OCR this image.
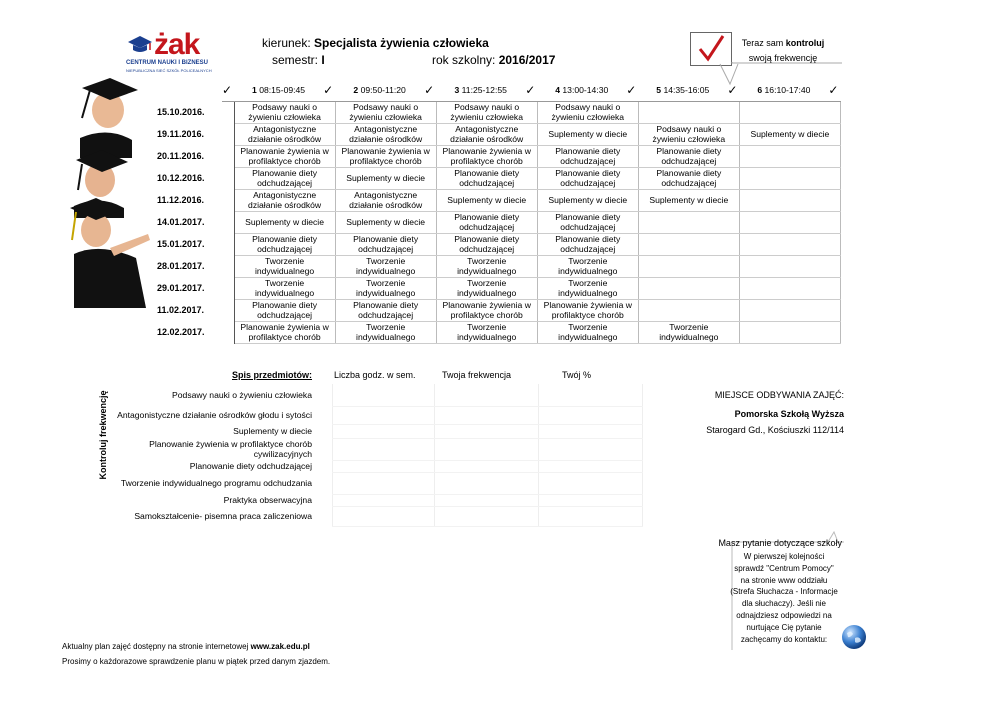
żak
CENTRUM NAUKI I BIZNESU
NIEPUBLICZNA SIEĆ SZKÓŁ POLICEALNYCH
kierunek: Specjalista żywienia człowieka
semestr: I	rok szkolny: 2016/2017
Teraz sam kontroluj
swoją frekwencję
	✓	1 08:15-09:45	✓	2 09:50-11:20	✓	3 11:25-12:55	✓	4 13:00-14:30	✓	5 14:35-16:05	✓	6 16:10-17:40	✓
15.10.2016.		Podsawy nauki o żywieniu człowieka		Podsawy nauki o żywieniu człowieka		Podsawy nauki o żywieniu człowieka		Podsawy nauki o żywieniu człowieka					
19.11.2016.		Antagonistyczne działanie ośrodków		Antagonistyczne działanie ośrodków		Antagonistyczne działanie ośrodków		Suplementy w diecie		Podsawy nauki o żywieniu człowieka		Suplementy w diecie	
20.11.2016.		Planowanie żywienia w profilaktyce chorób		Planowanie żywienia w profilaktyce chorób		Planowanie żywienia w profilaktyce chorób		Planowanie diety odchudzającej		Planowanie diety odchudzającej			
10.12.2016.		Planowanie diety odchudzającej		Suplementy w diecie		Planowanie diety odchudzającej		Planowanie diety odchudzającej		Planowanie diety odchudzającej			
11.12.2016.		Antagonistyczne działanie ośrodków		Antagonistyczne działanie ośrodków		Suplementy w diecie		Suplementy w diecie		Suplementy w diecie			
14.01.2017.		Suplementy w diecie		Suplementy w diecie		Planowanie diety odchudzającej		Planowanie diety odchudzającej					
15.01.2017.		Planowanie diety odchudzającej		Planowanie diety odchudzającej		Planowanie diety odchudzającej		Planowanie diety odchudzającej					
28.01.2017.		Tworzenie indywidualnego		Tworzenie indywidualnego		Tworzenie indywidualnego		Tworzenie indywidualnego					
29.01.2017.		Tworzenie indywidualnego		Tworzenie indywidualnego		Tworzenie indywidualnego		Tworzenie indywidualnego					
11.02.2017.		Planowanie diety odchudzającej		Planowanie diety odchudzającej		Planowanie żywienia w profilaktyce chorób		Planowanie żywienia w profilaktyce chorób					
12.02.2017.		Planowanie żywienia w profilaktyce chorób		Tworzenie indywidualnego		Tworzenie indywidualnego		Tworzenie indywidualnego		Tworzenie indywidualnego			
Kontroluj frekwencję
Spis przedmiotów: Liczba godz. w sem.	Twoja frekwencja	Twój %
Podsawy nauki o żywieniu człowieka				
Antagonistyczne działanie ośrodków głodu i sytości				
Suplementy w diecie				
Planowanie żywienia w profilaktyce chorób cywilizacyjnych				
Planowanie diety odchudzającej				
Tworzenie indywidualnego programu odchudzania				
Praktyka obserwacyjna				
Samokształcenie- pisemna praca zaliczeniowa				
MIEJSCE ODBYWANIA ZAJĘĆ:
Pomorska Szkołą Wyższa
Starogard Gd., Kościuszki 112/114
Masz pytanie dotyczące szkoły
W pierwszej kolejności sprawdź "Centrum Pomocy" na stronie www oddziału (Strefa Słuchacza - Informacje dla słuchaczy). Jeśli nie odnajdziesz odpowiedzi na nurtujące Cię pytanie zachęcamy do kontaktu:
Aktualny plan zajęć dostępny na stronie internetowej www.zak.edu.pl
Prosimy o każdorazowe sprawdzenie planu w piątek przed danym zjazdem.
